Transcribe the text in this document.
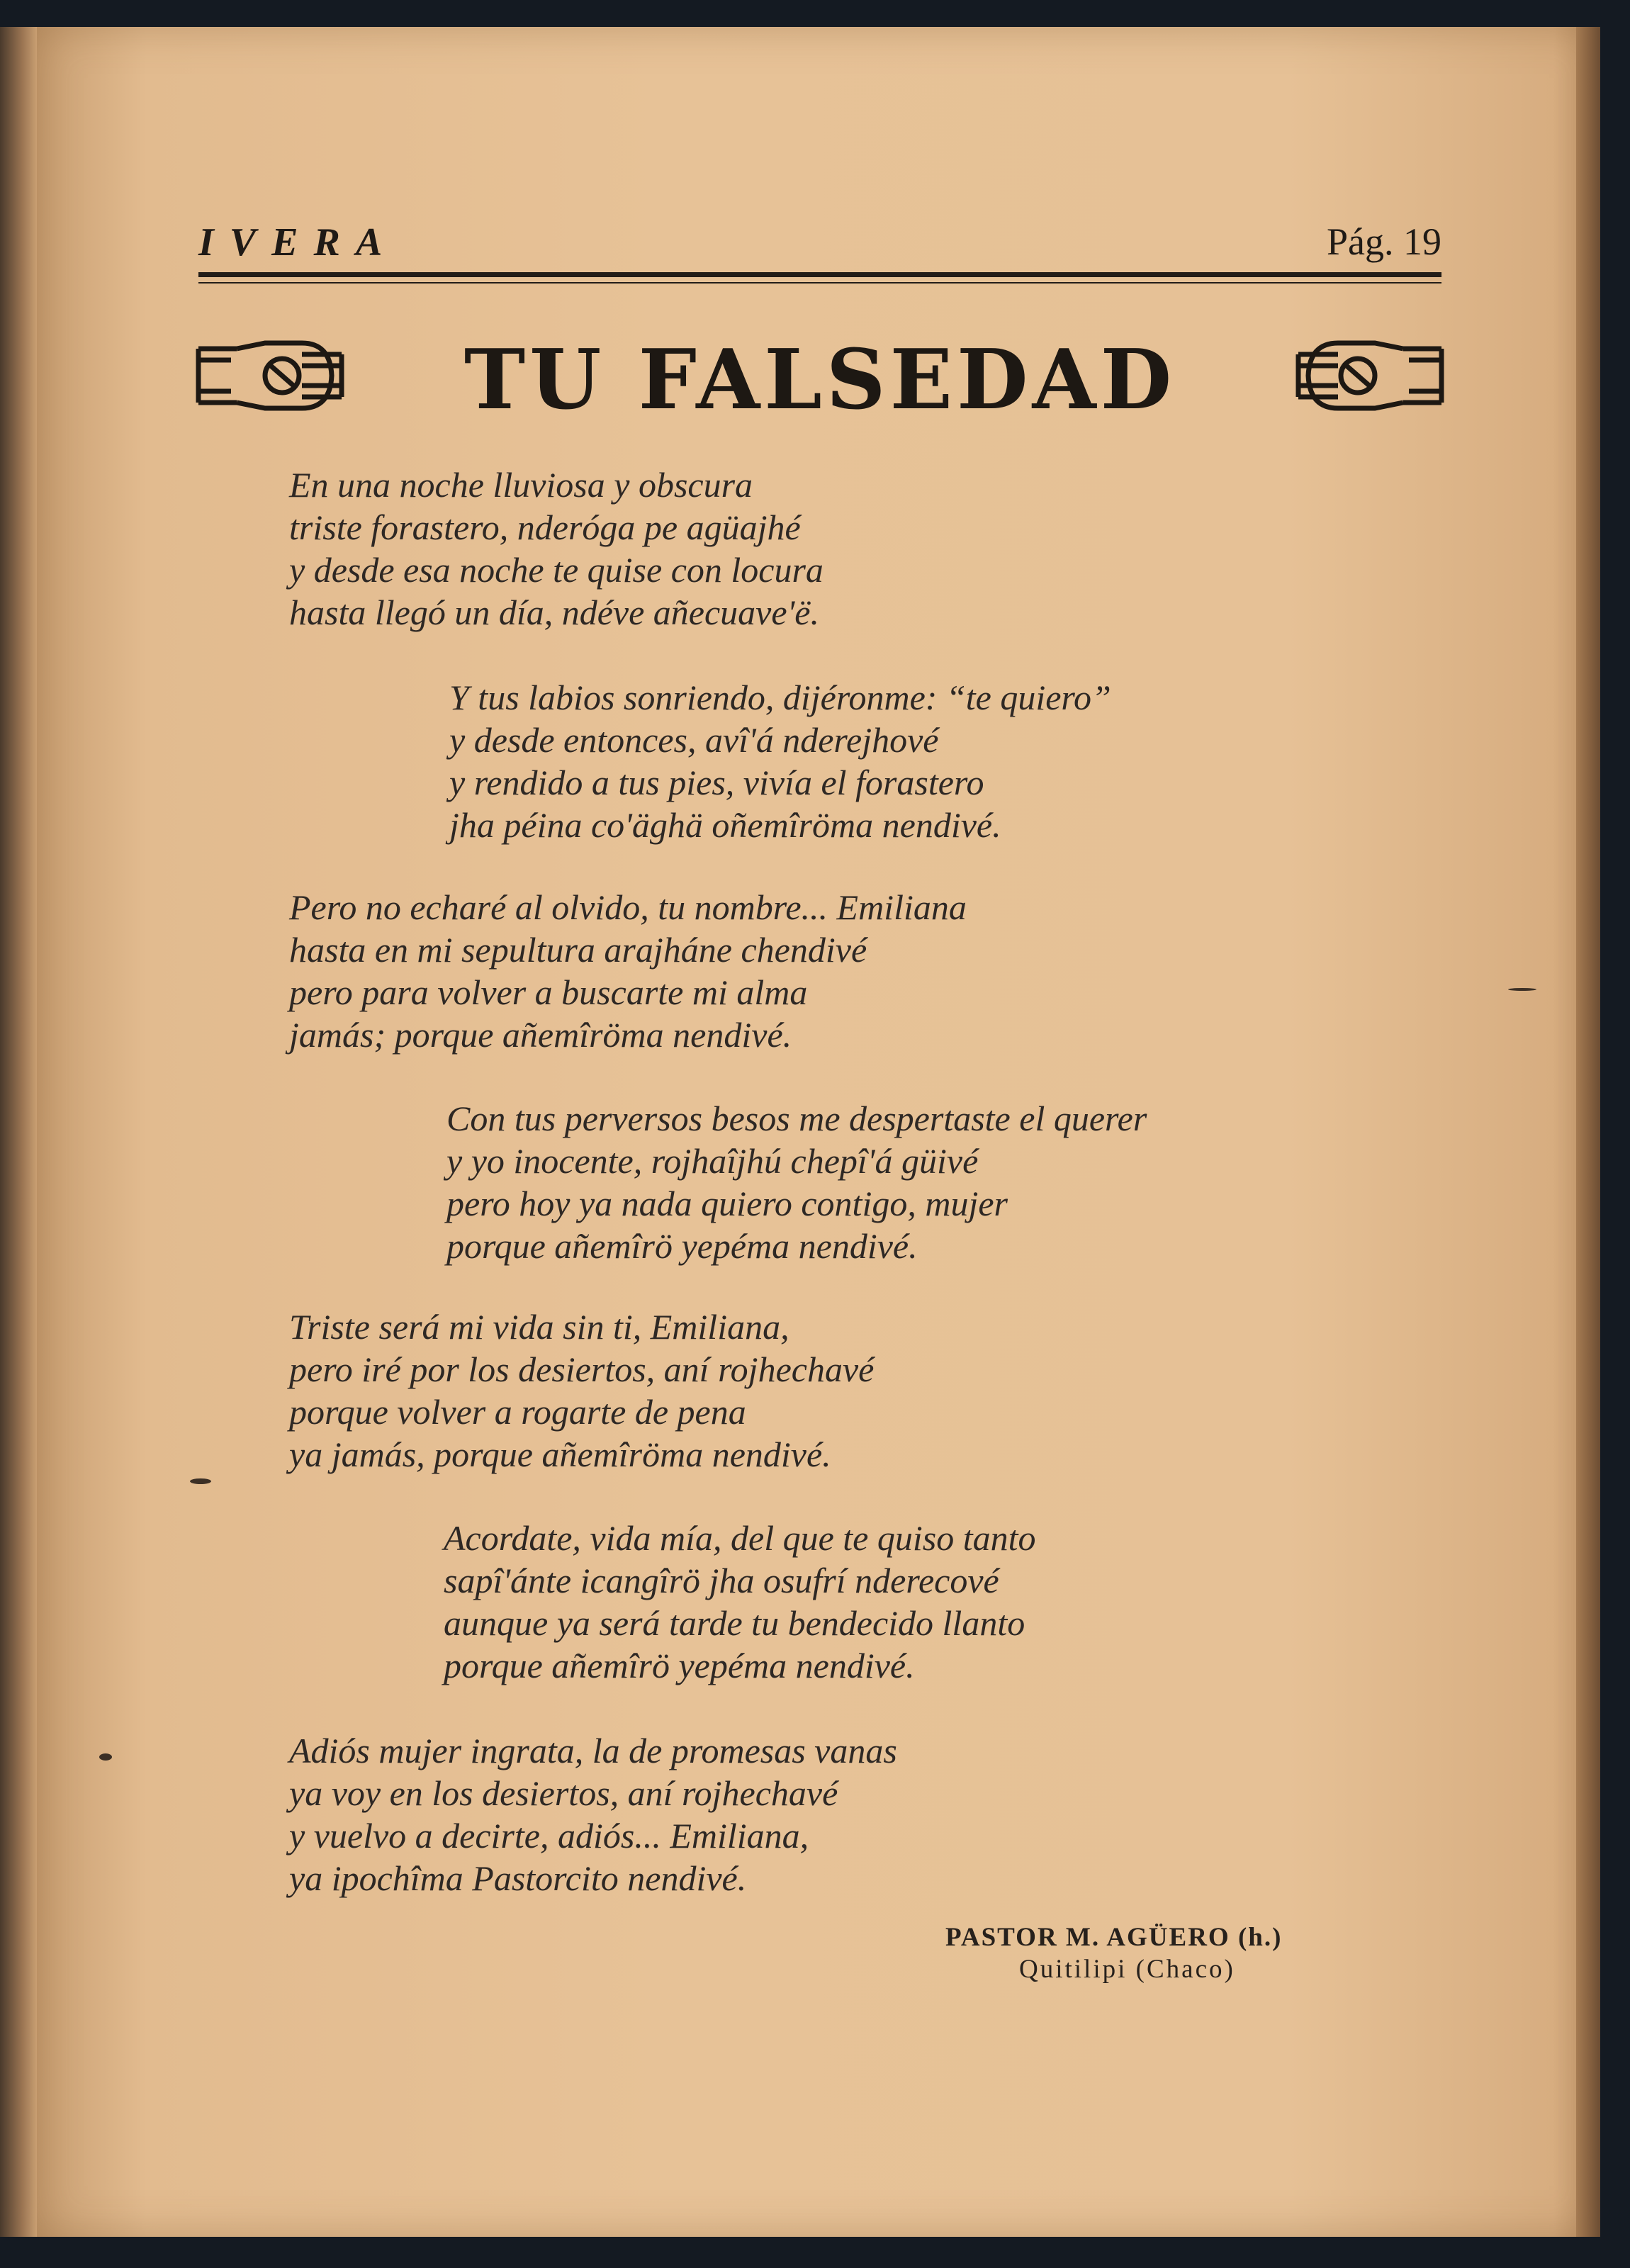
IVERA	Pág. 19
TU FALSEDAD
En una noche lluviosa y obscura
triste forastero, nderóga pe agüajhé
y desde esa noche te quise con locura
hasta llegó un día, ndéve añecuave'ë.
Y tus labios sonriendo, dijéronme: “te quiero”
y desde entonces, avî'á nderejhové
y rendido a tus pies, vivía el forastero
jha péina co'äghä oñemîröma nendivé.
Pero no echaré al olvido, tu nombre... Emiliana
hasta en mi sepultura arajháne chendivé
pero para volver a buscarte mi alma
jamás; porque añemîröma nendivé.
Con tus perversos besos me despertaste el querer
y yo inocente, rojhaîjhú chepî'á güivé
pero hoy ya nada quiero contigo, mujer
porque añemîrö yepéma nendivé.
Triste será mi vida sin ti, Emiliana,
pero iré por los desiertos, aní rojhechavé
porque volver a rogarte de pena
ya jamás, porque añemîröma nendivé.
Acordate, vida mía, del que te quiso tanto
sapî'ánte icangîrö jha osufrí nderecové
aunque ya será tarde tu bendecido llanto
porque añemîrö yepéma nendivé.
Adiós mujer ingrata, la de promesas vanas
ya voy en los desiertos, aní rojhechavé
y vuelvo a decirte, adiós... Emiliana,
ya ipochîma Pastorcito nendivé.
PASTOR M. AGÜERO (h.)
Quitilipi (Chaco)
